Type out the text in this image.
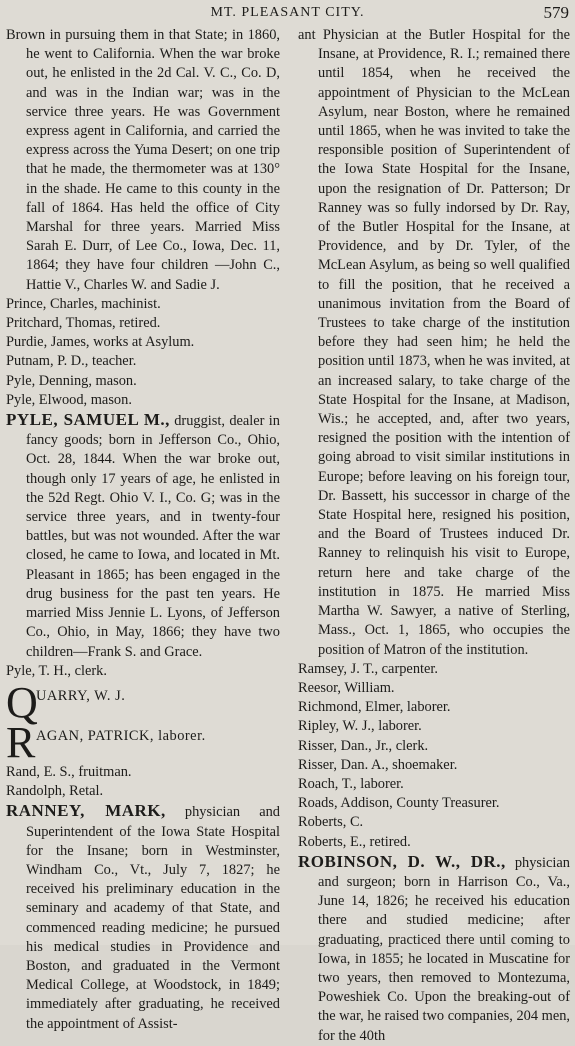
MT. PLEASANT CITY.	579

Brown in pursuing them in that State; in 1860, he went to California. When the war broke out, he enlisted in the 2d Cal. V. C., Co. D, and was in the Indian war; was in the service three years. He was Government express agent in California, and carried the express across the Yuma Desert; on one trip that he made, the thermometer was at 130° in the shade. He came to this county in the fall of 1864. Has held the office of City Marshal for three years. Married Miss Sarah E. Durr, of Lee Co., Iowa, Dec. 11, 1864; they have four children —John C., Hattie V., Charles W. and Sadie J.

Prince, Charles, machinist.

Pritchard, Thomas, retired.

Purdie, James, works at Asylum.

Putnam, P. D., teacher.

Pyle, Denning, mason.

Pyle, Elwood, mason.

PYLE, SAMUEL M., druggist, dealer in fancy goods; born in Jefferson Co., Ohio, Oct. 28, 1844. When the war broke out, though only 17 years of age, he enlisted in the 52d Regt. Ohio V. I., Co. G; was in the service three years, and in twenty-four battles, but was not wounded. After the war closed, he came to Iowa, and located in Mt. Pleasant in 1865; has been engaged in the drug business for the past ten years. He married Miss Jennie L. Lyons, of Jefferson Co., Ohio, in May, 1866; they have two children—Frank S. and Grace.

Pyle, T. H., clerk.

Q
UARRY, W. J.
R AGAN, PATRICK, laborer.

Rand, E. S., fruitman.

Randolph, Retal.

RANNEY, MARK, physician and Superintendent of the Iowa State Hospital for the Insane; born in Westminster, Windham Co., Vt., July 7, 1827; he received his preliminary education in the seminary and academy of that State, and commenced reading medicine; he pursued his medical studies in Providence and Boston, and graduated in the Vermont Medical College, at Woodstock, in 1849; immediately after graduating, he received the appointment of Assist-

ant Physician at the Butler Hospital for the Insane, at Providence, R. I.; remained there until 1854, when he received the appointment of Physician to the McLean Asylum, near Boston, where he remained until 1865, when he was invited to take the responsible position of Superintendent of the Iowa State Hospital for the Insane, upon the resignation of Dr. Patterson; Dr Ranney was so fully indorsed by Dr. Ray, of the Butler Hospital for the Insane, at Providence, and by Dr. Tyler, of the McLean Asylum, as being so well qualified to fill the position, that he received a unanimous invitation from the Board of Trustees to take charge of the institution before they had seen him; he held the position until 1873, when he was invited, at an increased salary, to take charge of the State Hospital for the Insane, at Madison, Wis.; he accepted, and, after two years, resigned the position with the intention of going abroad to visit similar institutions in Europe; before leaving on his foreign tour, Dr. Bassett, his successor in charge of the State Hospital here, resigned his position, and the Board of Trustees induced Dr. Ranney to relinquish his visit to Europe, return here and take charge of the institution in 1875. He married Miss Martha W. Sawyer, a native of Sterling, Mass., Oct. 1, 1865, who occupies the position of Matron of the institution.

Ramsey, J. T., carpenter.

Reesor, William.

Richmond, Elmer, laborer.

Ripley, W. J., laborer.

Risser, Dan., Jr., clerk.

Risser, Dan. A., shoemaker.

Roach, T., laborer.

Roads, Addison, County Treasurer.

Roberts, C.

Roberts, E., retired.

ROBINSON, D. W., DR., physician and surgeon; born in Harrison Co., Va., June 14, 1826; he received his education there and studied medicine; after graduating, practiced there until coming to Iowa, in 1855; he located in Muscatine for two years, then removed to Montezuma, Poweshiek Co. Upon the breaking-out of the war, he raised two companies, 204 men, for the 40th
